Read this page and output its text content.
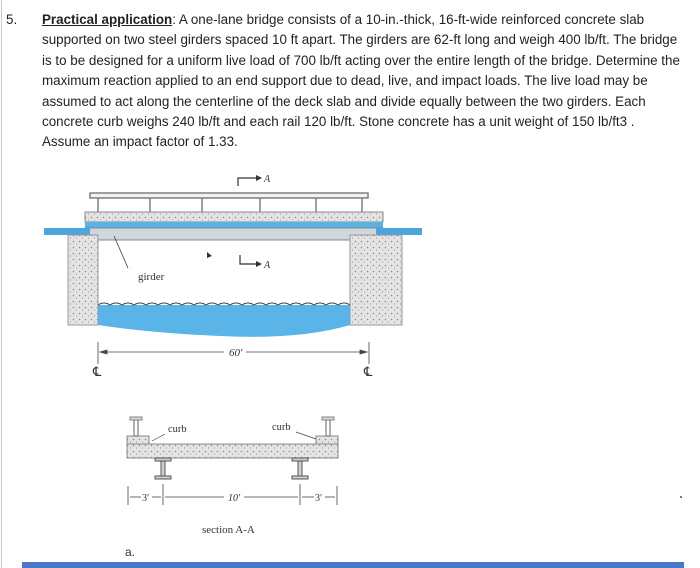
5. Practical application: A one-lane bridge consists of a 10-in.-thick, 16-ft-wide reinforced concrete slab supported on two steel girders spaced 10 ft apart. The girders are 62-ft long and weigh 400 lb/ft. The bridge is to be designed for a uniform live load of 700 lb/ft acting over the entire length of the bridge. Determine the maximum reaction applied to an end support due to dead, live, and impact loads. The live load may be assumed to act along the centerline of the deck slab and divide equally between the two girders. Each concrete curb weighs 240 lb/ft and each rail 120 lb/ft. Stone concrete has a unit weight of 150 lb/ft3 . Assume an impact factor of 1.33.
A
girder
A
60′
℄	℄
curb	curb
3′	10′	3′
section A-A
a.
